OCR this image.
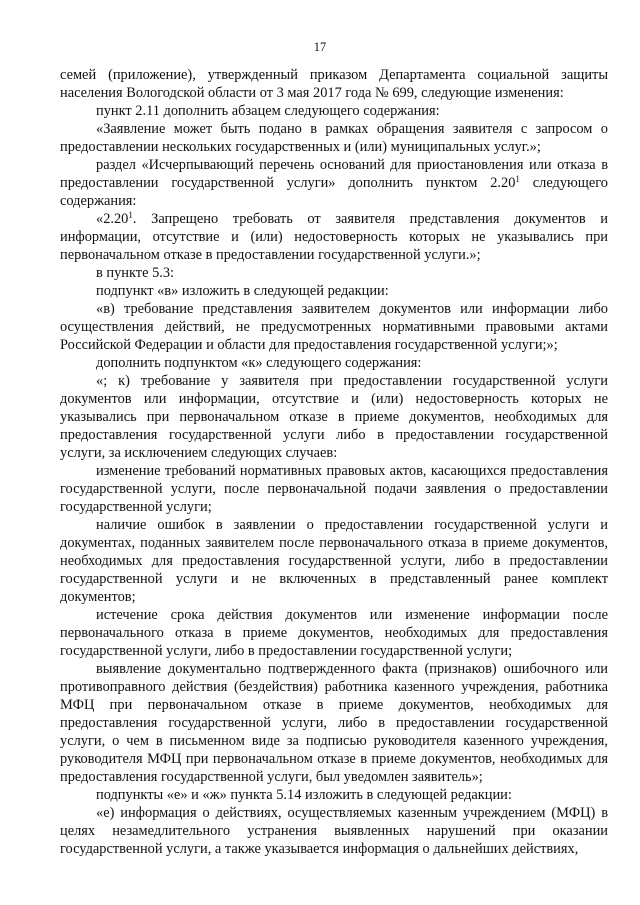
17

семей (приложение), утвержденный приказом Департамента социальной защиты населения Вологодской области от 3 мая 2017 года № 699, следующие изменения:

пункт 2.11 дополнить абзацем следующего содержания:

«Заявление может быть подано в рамках обращения заявителя с запросом о предоставлении нескольких государственных и (или) муниципальных услуг.»;

раздел «Исчерпывающий перечень оснований для приостановления или отказа в предоставлении государственной услуги» дополнить пунктом 2.20$^1$ следующего содержания:

«2.20$^1$. Запрещено требовать от заявителя представления документов и информации, отсутствие и (или) недостоверность которых не указывались при первоначальном отказе в предоставлении государственной услуги.»;

в пункте 5.3:

подпункт «в» изложить в следующей редакции:

«в) требование представления заявителем документов или информации либо осуществления действий, не предусмотренных нормативными правовыми актами Российской Федерации и области для предоставления государственной услуги;»;

дополнить подпунктом «к» следующего содержания:

«; к) требование у заявителя при предоставлении государственной услуги документов или информации, отсутствие и (или) недостоверность которых не указывались при первоначальном отказе в приеме документов, необходимых для предоставления государственной услуги либо в предоставлении государственной услуги, за исключением следующих случаев:

изменение требований нормативных правовых актов, касающихся предоставления государственной услуги, после первоначальной подачи заявления о предоставлении государственной услуги;

наличие ошибок в заявлении о предоставлении государственной услуги и документах, поданных заявителем после первоначального отказа в приеме документов, необходимых для предоставления государственной услуги, либо в предоставлении государственной услуги и не включенных в представленный ранее комплект документов;

истечение срока действия документов или изменение информации после первоначального отказа в приеме документов, необходимых для предоставления государственной услуги, либо в предоставлении государственной услуги;

выявление документально подтвержденного факта (признаков) ошибочного или противоправного действия (бездействия) работника казенного учреждения, работника МФЦ при первоначальном отказе в приеме документов, необходимых для предоставления государственной услуги, либо в предоставлении государственной услуги, о чем в письменном виде за подписью руководителя казенного учреждения, руководителя МФЦ при первоначальном отказе в приеме документов, необходимых для предоставления государственной услуги, был уведомлен заявитель»;

подпункты «е» и «ж» пункта 5.14 изложить в следующей редакции:

«е) информация о действиях, осуществляемых казенным учреждением (МФЦ) в целях незамедлительного устранения выявленных нарушений при оказании государственной услуги, а также указывается информация о дальнейших действиях,
